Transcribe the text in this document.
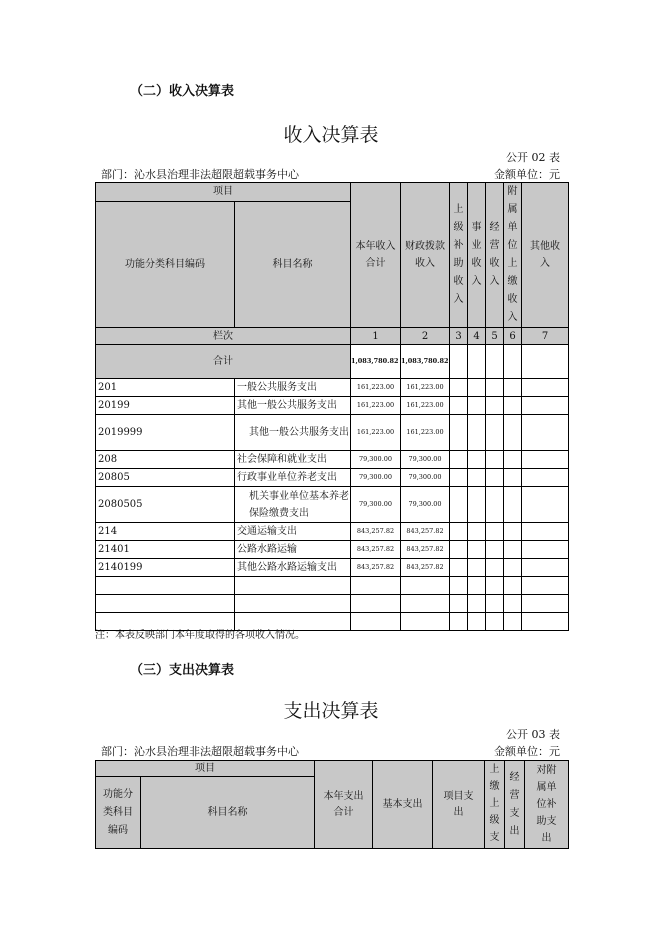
（二）收入决算表
收入决算表
公开 02 表
部门：沁水县治理非法超限超载事务中心	金额单位：元
项目		本年收入合计	财政拨款收入	上级补助收入	事业收入	经营收入	附属单位上缴收入	其他收入
功能分类科目编码	科目名称							
栏次		1	2	3	4	5	6	7
合计		1,083,780.82	1,083,780.82					
201	一般公共服务支出	161,223.00	161,223.00					
20199	其他一般公共服务支出	161,223.00	161,223.00					
2019999	其他一般公共服务支出	161,223.00	161,223.00					
208	社会保障和就业支出	79,300.00	79,300.00					
20805	行政事业单位养老支出	79,300.00	79,300.00					
2080505	机关事业单位基本养老保险缴费支出	79,300.00	79,300.00					
214	交通运输支出	843,257.82	843,257.82					
21401	公路水路运输	843,257.82	843,257.82					
2140199	其他公路水路运输支出	843,257.82	843,257.82					

注：本表反映部门本年度取得的各项收入情况。
（三）支出决算表
支出决算表
公开 03 表
部门：沁水县治理非法超限超载事务中心	金额单位：元
项目		本年支出合计	基本支出	项目支出	上缴上级支	经营支出	对附属单位补助支出
功能分类科目编码	科目名称						
